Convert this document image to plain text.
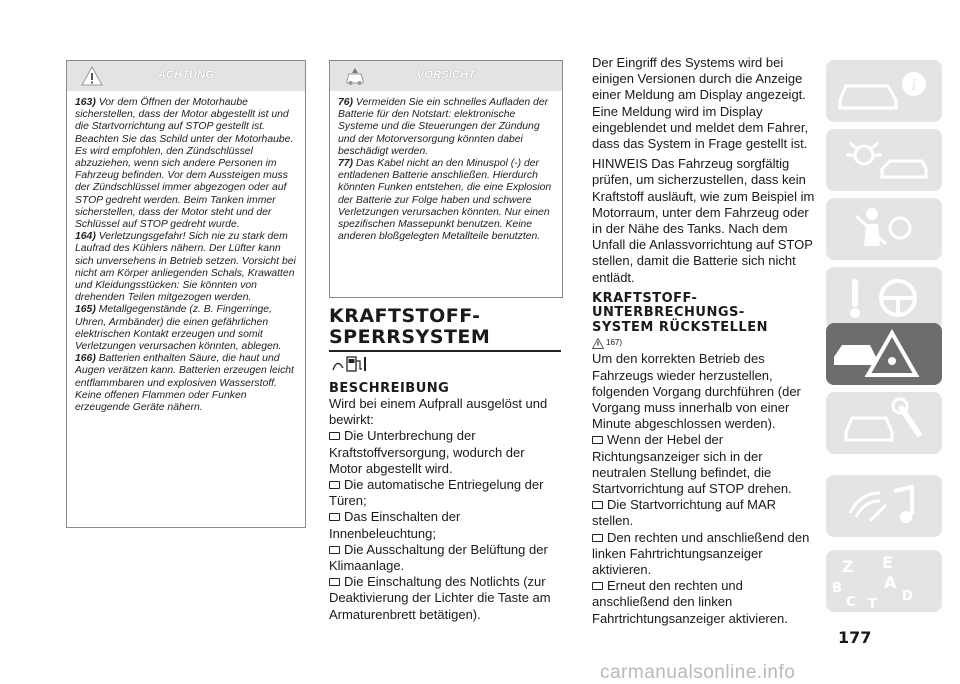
ACHTUNG

163) Vor dem Öffnen der Motorhaube sicherstellen, dass der Motor abgestellt ist und die Startvorrichtung auf STOP gestellt ist. Beachten Sie das Schild unter der Motorhaube. Es wird empfohlen, den Zündschlüssel abzuziehen, wenn sich andere Personen im Fahrzeug befinden. Vor dem Aussteigen muss der Zündschlüssel immer abgezogen oder auf STOP gedreht werden. Beim Tanken immer sicherstellen, dass der Motor steht und der Schlüssel auf STOP gedreht wurde.

164) Verletzungsgefahr! Sich nie zu stark dem Laufrad des Kühlers nähern. Der Lüfter kann sich unversehens in Betrieb setzen. Vorsicht bei nicht am Körper anliegenden Schals, Krawatten und Kleidungsstücken: Sie könnten von drehenden Teilen mitgezogen werden.

165) Metallgegenstände (z. B. Fingerringe, Uhren, Armbänder) die einen gefährlichen elektrischen Kontakt erzeugen und somit Verletzungen verursachen könnten, ablegen.

166) Batterien enthalten Säure, die haut und Augen verätzen kann. Batterien erzeugen leicht entflammbaren und explosiven Wasserstoff. Keine offenen Flammen oder Funken erzeugende Geräte nähern.

VORSICHT

76) Vermeiden Sie ein schnelles Aufladen der Batterie für den Notstart: elektronische Systeme und die Steuerungen der Zündung und der Motorversorgung könnten dabei beschädigt werden.

77) Das Kabel nicht an den Minuspol (-) der entladenen Batterie anschließen. Hierdurch könnten Funken entstehen, die eine Explosion der Batterie zur Folge haben und schwere Verletzungen verursachen könnten. Nur einen spezifischen Massepunkt benutzen. Keine anderen bloßgelegten Metallteile benutzten.

KRAFTSTOFF-
SPERRSYSTEM
BESCHREIBUNG

Wird bei einem Aufprall ausgelöst und bewirkt:

Die Unterbrechung der Kraftstoffversorgung, wodurch der Motor abgestellt wird.

Die automatische Entriegelung der Türen;

Das Einschalten der Innenbeleuchtung;

Die Ausschaltung der Belüftung der Klimaanlage.

Die Einschaltung des Notlichts (zur Deaktivierung der Lichter die Taste am Armaturenbrett betätigen).

Der Eingriff des Systems wird bei einigen Versionen durch die Anzeige einer Meldung am Display angezeigt. Eine Meldung wird im Display eingeblendet und meldet dem Fahrer, dass das System in Frage gestellt ist.

HINWEIS Das Fahrzeug sorgfältig prüfen, um sicherzustellen, dass kein Kraftstoff ausläuft, wie zum Beispiel im Motorraum, unter dem Fahrzeug oder in der Nähe des Tanks. Nach dem Unfall die Anlassvorrichtung auf STOP stellen, damit die Batterie sich nicht entlädt.

KRAFTSTOFF-
UNTERBRECHUNGS-
SYSTEM RÜCKSTELLEN
167)

Um den korrekten Betrieb des Fahrzeugs wieder herzustellen, folgenden Vorgang durchführen (der Vorgang muss innerhalb von einer Minute abgeschlossen werden).

Wenn der Hebel der Richtungsanzeiger sich in der neutralen Stellung befindet, die Startvorrichtung auf STOP drehen.

Die Startvorrichtung auf MAR stellen.

Den rechten und anschließend den linken Fahrtrichtungsanzeiger aktivieren.

Erneut den rechten und anschließend den linken Fahrtrichtungsanzeiger aktivieren.

i
Z E
B	A
C T
D
177
carmanualsonline.info
